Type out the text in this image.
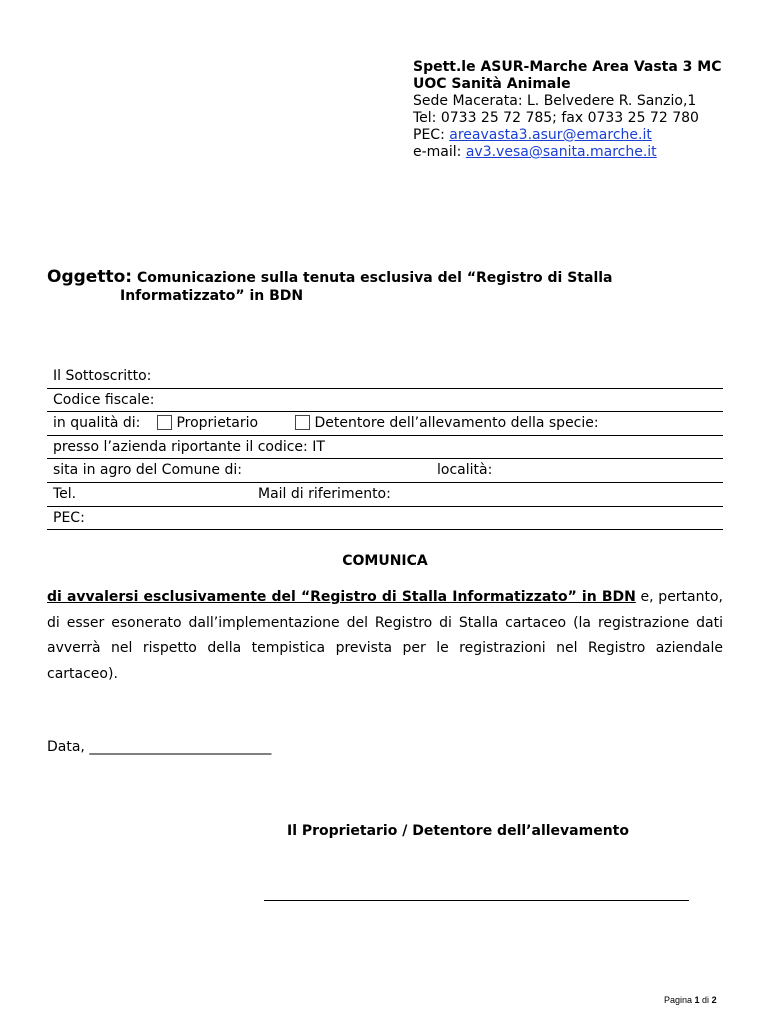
Spett.le ASUR-Marche Area Vasta 3 MC
UOC Sanità Animale
Sede Macerata: L. Belvedere R. Sanzio,1
Tel: 0733 25 72 785; fax 0733 25 72 780
PEC: areavasta3.asur@emarche.it
e-mail: av3.vesa@sanita.marche.it
Oggetto: Comunicazione sulla tenuta esclusiva del “Registro di Stalla
Informatizzato” in BDN
Il Sottoscritto:
Codice fiscale:
in qualità di:	Proprietario	Detentore dell’allevamento della specie:
presso l’azienda riportante il codice: IT
sita in agro del Comune di:	località:
Tel.	Mail di riferimento:
PEC:
COMUNICA
di avvalersi esclusivamente del “Registro di Stalla Informatizzato” in BDN e, pertanto, di esser esonerato dall’implementazione del Registro di Stalla cartaceo (la registrazione dati avverrà nel rispetto della tempistica prevista per le registrazioni nel Registro aziendale cartaceo).
Data, __________________________
Il Proprietario / Detentore dell’allevamento
Pagina 1 di 2
